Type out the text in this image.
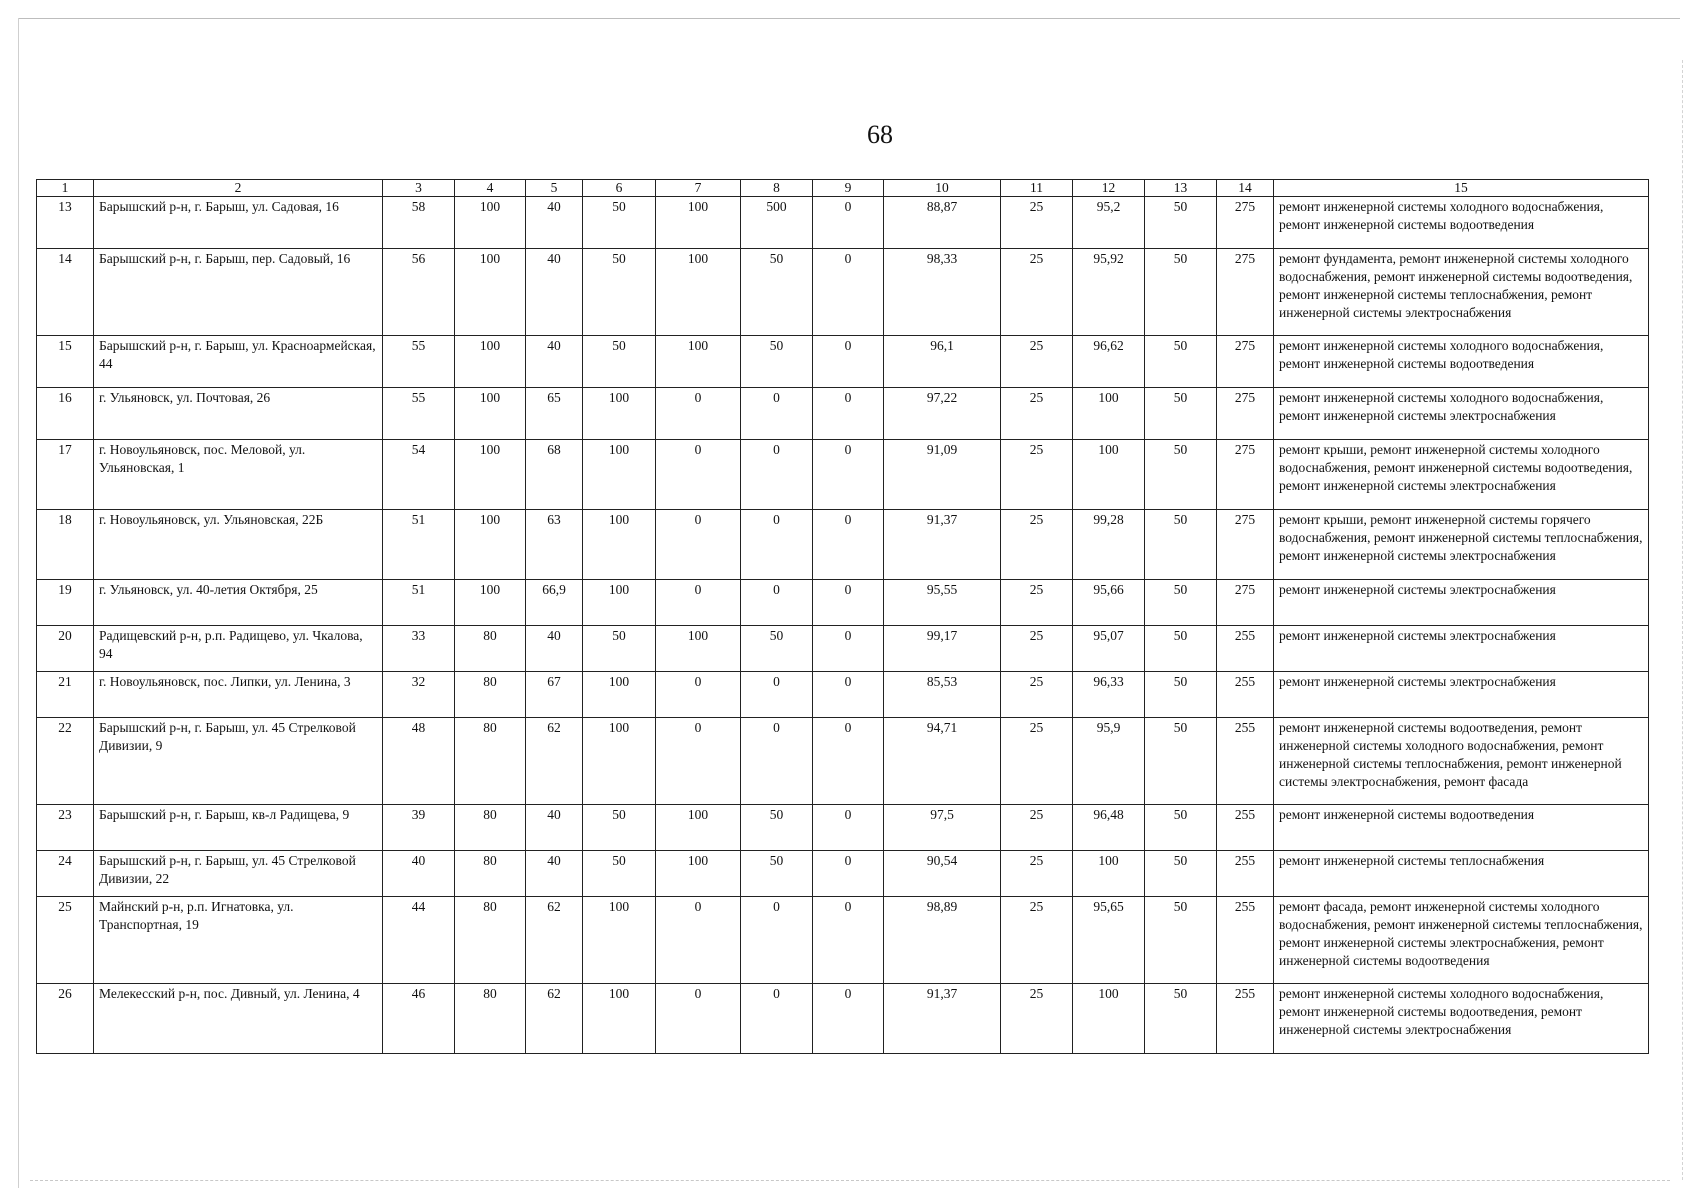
68
1	2	3	4	5	6	7	8	9	10	11	12	13	14	15
13	Барышский р-н, г. Барыш, ул. Садовая, 16	58	100	40	50	100	500	0	88,87	25	95,2	50	275	ремонт инженерной системы холодного водоснабжения, ремонт инженерной системы водоотведения
14	Барышский р-н, г. Барыш, пер. Садовый, 16	56	100	40	50	100	50	0	98,33	25	95,92	50	275	ремонт фундамента, ремонт инженерной системы холодного водоснабжения, ремонт инженерной системы водоотведения, ремонт инженерной системы теплоснабжения, ремонт инженерной системы электроснабжения
15	Барышский р-н, г. Барыш, ул. Красноармейская, 44	55	100	40	50	100	50	0	96,1	25	96,62	50	275	ремонт инженерной системы холодного водоснабжения, ремонт инженерной системы водоотведения
16	г. Ульяновск, ул. Почтовая, 26	55	100	65	100	0	0	0	97,22	25	100	50	275	ремонт инженерной системы холодного водоснабжения, ремонт инженерной системы электроснабжения
17	г. Новоульяновск, пос. Меловой, ул. Ульяновская, 1	54	100	68	100	0	0	0	91,09	25	100	50	275	ремонт крыши, ремонт инженерной системы холодного водоснабжения, ремонт инженерной системы водоотведения, ремонт инженерной системы электроснабжения
18	г. Новоульяновск, ул. Ульяновская, 22Б	51	100	63	100	0	0	0	91,37	25	99,28	50	275	ремонт крыши, ремонт инженерной системы горячего водоснабжения, ремонт инженерной системы теплоснабжения, ремонт инженерной системы электроснабжения
19	г. Ульяновск, ул. 40-летия Октября, 25	51	100	66,9	100	0	0	0	95,55	25	95,66	50	275	ремонт инженерной системы электроснабжения
20	Радищевский р-н, р.п. Радищево, ул. Чкалова, 94	33	80	40	50	100	50	0	99,17	25	95,07	50	255	ремонт инженерной системы электроснабжения
21	г. Новоульяновск, пос. Липки, ул. Ленина, 3	32	80	67	100	0	0	0	85,53	25	96,33	50	255	ремонт инженерной системы электроснабжения
22	Барышский р-н, г. Барыш, ул. 45 Стрелковой Дивизии, 9	48	80	62	100	0	0	0	94,71	25	95,9	50	255	ремонт инженерной системы водоотведения, ремонт инженерной системы холодного водоснабжения, ремонт инженерной системы теплоснабжения, ремонт инженерной системы электроснабжения, ремонт фасада
23	Барышский р-н, г. Барыш, кв-л Радищева, 9	39	80	40	50	100	50	0	97,5	25	96,48	50	255	ремонт инженерной системы водоотведения
24	Барышский р-н, г. Барыш, ул. 45 Стрелковой Дивизии, 22	40	80	40	50	100	50	0	90,54	25	100	50	255	ремонт инженерной системы теплоснабжения
25	Майнский р-н, р.п. Игнатовка, ул. Транспортная, 19	44	80	62	100	0	0	0	98,89	25	95,65	50	255	ремонт фасада, ремонт инженерной системы холодного водоснабжения, ремонт инженерной системы теплоснабжения, ремонт инженерной системы электроснабжения, ремонт инженерной системы водоотведения
26	Мелекесский р-н, пос. Дивный, ул. Ленина, 4	46	80	62	100	0	0	0	91,37	25	100	50	255	ремонт инженерной системы холодного водоснабжения, ремонт инженерной системы водоотведения, ремонт инженерной системы электроснабжения
